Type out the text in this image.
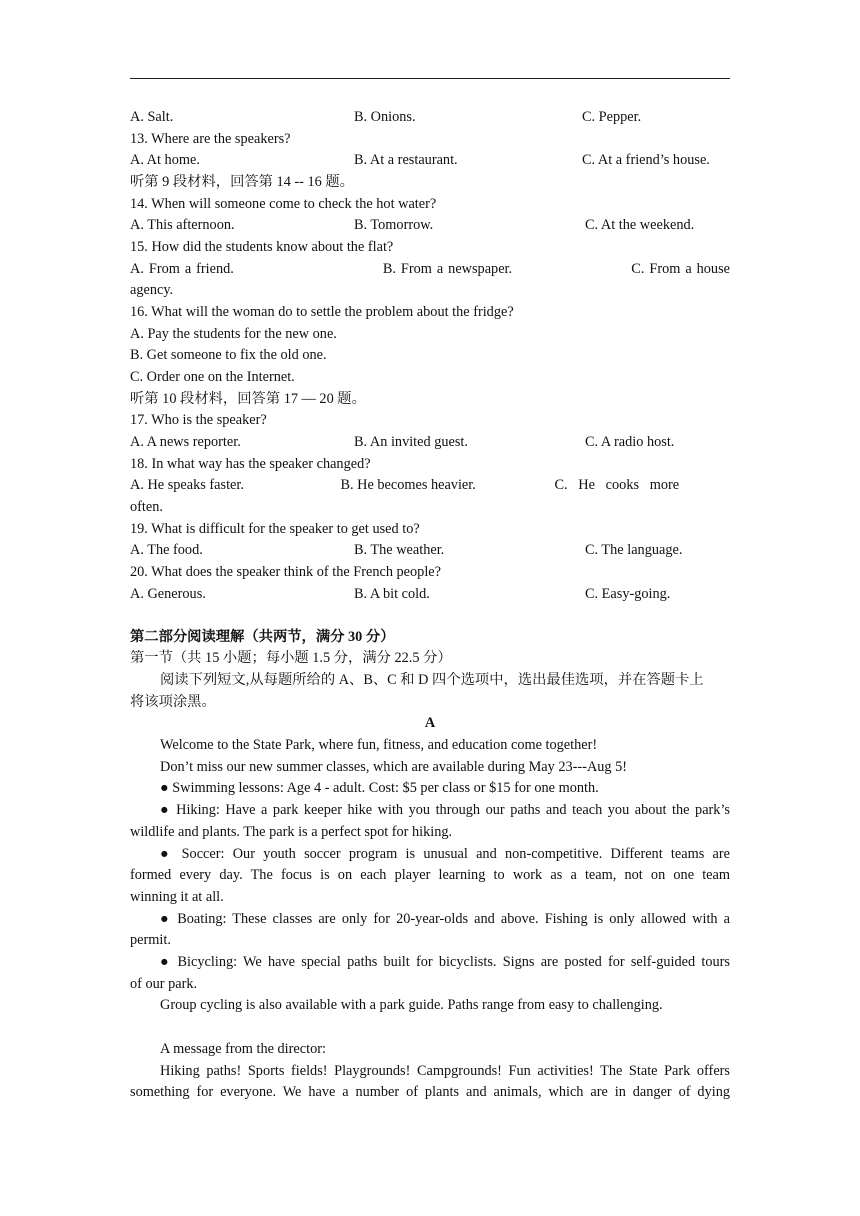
A. Salt.	B. Onions.	C. Pepper.
13. Where are the speakers?
A. At home.	B. At a restaurant.	C. At a friend’s house.
听第 9 段材料，回答第 14 -- 16 题。
14. When will someone come to check the hot water?
A. This afternoon.	B. Tomorrow.	C. At the weekend.
15. How did the students know about the flat?
A. From a friend.                              B. From a newspaper.                        C. From a house
agency.
16. What will the woman do to settle the problem about the fridge?
A. Pay the students for the new one.
B. Get someone to fix the old one.
C. Order one on the Internet.
听第 10 段材料，回答第 17 — 20 题。
17. Who is the speaker?
A. A news reporter.	B. An invited guest.	C. A radio host.
18. In what way has the speaker changed?
A. He speaks faster.                           B. He becomes heavier.                      C.   He   cooks   more
often.
19. What is difficult for the speaker to get used to?
A. The food.	B. The weather.	C. The language.
20. What does the speaker think of the French people?
A. Generous.	B. A bit cold.	C. Easy-going.
第二部分阅读理解（共两节，满分 30 分）
第一节（共 15 小题；每小题 1.5 分，满分 22.5 分）
阅读下列短文,从每题所给的 A、B、C 和 D 四个选项中，选出最佳选项，并在答题卡上
将该项涂黑。
A
Welcome to the State Park, where fun, fitness, and education come together!
Don’t miss our new summer classes, which are available during May 23---Aug 5!
● Swimming lessons: Age 4 - adult. Cost: $5 per class or $15 for one month.
● Hiking: Have a park keeper hike with you through our paths and teach you about the park’s
wildlife and plants. The park is a perfect spot for hiking.
● Soccer: Our youth soccer program is unusual and non-competitive. Different teams are
formed every day. The focus is on each player learning to work as a team, not on one team
winning it at all.
● Boating: These classes are only for 20-year-olds and above. Fishing is only allowed with a
permit.
● Bicycling: We have special paths built for bicyclists. Signs are posted for self-guided tours
of our park.
Group cycling is also available with a park guide. Paths range from easy to challenging.
A message from the director:
Hiking paths! Sports fields! Playgrounds! Campgrounds! Fun activities! The State Park offers
something for everyone. We have a number of plants and animals, which are in danger of dying
